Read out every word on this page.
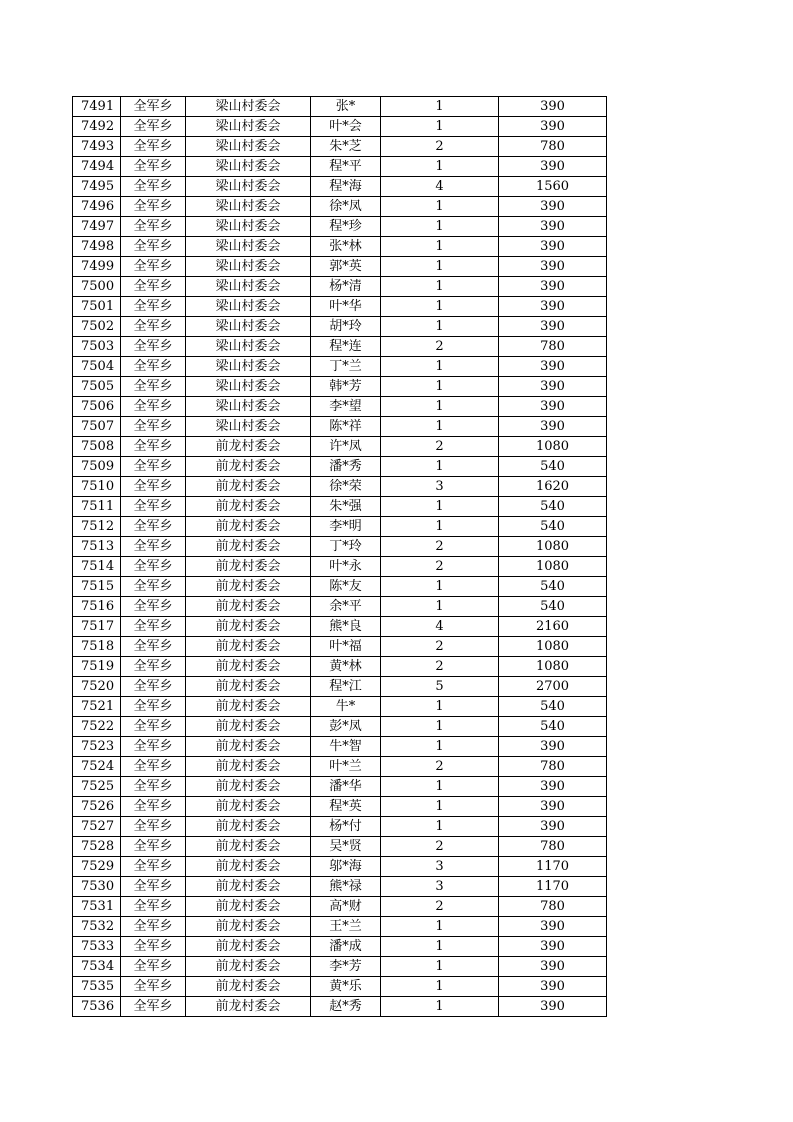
7491	全军乡	梁山村委会	张*	1	390
7492	全军乡	梁山村委会	叶*会	1	390
7493	全军乡	梁山村委会	朱*芝	2	780
7494	全军乡	梁山村委会	程*平	1	390
7495	全军乡	梁山村委会	程*海	4	1560
7496	全军乡	梁山村委会	徐*凤	1	390
7497	全军乡	梁山村委会	程*珍	1	390
7498	全军乡	梁山村委会	张*林	1	390
7499	全军乡	梁山村委会	郭*英	1	390
7500	全军乡	梁山村委会	杨*清	1	390
7501	全军乡	梁山村委会	叶*华	1	390
7502	全军乡	梁山村委会	胡*玲	1	390
7503	全军乡	梁山村委会	程*连	2	780
7504	全军乡	梁山村委会	丁*兰	1	390
7505	全军乡	梁山村委会	韩*芳	1	390
7506	全军乡	梁山村委会	李*望	1	390
7507	全军乡	梁山村委会	陈*祥	1	390
7508	全军乡	前龙村委会	许*凤	2	1080
7509	全军乡	前龙村委会	潘*秀	1	540
7510	全军乡	前龙村委会	徐*荣	3	1620
7511	全军乡	前龙村委会	朱*强	1	540
7512	全军乡	前龙村委会	李*明	1	540
7513	全军乡	前龙村委会	丁*玲	2	1080
7514	全军乡	前龙村委会	叶*永	2	1080
7515	全军乡	前龙村委会	陈*友	1	540
7516	全军乡	前龙村委会	余*平	1	540
7517	全军乡	前龙村委会	熊*良	4	2160
7518	全军乡	前龙村委会	叶*福	2	1080
7519	全军乡	前龙村委会	黄*林	2	1080
7520	全军乡	前龙村委会	程*江	5	2700
7521	全军乡	前龙村委会	牛*	1	540
7522	全军乡	前龙村委会	彭*凤	1	540
7523	全军乡	前龙村委会	牛*智	1	390
7524	全军乡	前龙村委会	叶*兰	2	780
7525	全军乡	前龙村委会	潘*华	1	390
7526	全军乡	前龙村委会	程*英	1	390
7527	全军乡	前龙村委会	杨*付	1	390
7528	全军乡	前龙村委会	吴*贤	2	780
7529	全军乡	前龙村委会	邬*海	3	1170
7530	全军乡	前龙村委会	熊*禄	3	1170
7531	全军乡	前龙村委会	高*财	2	780
7532	全军乡	前龙村委会	王*兰	1	390
7533	全军乡	前龙村委会	潘*成	1	390
7534	全军乡	前龙村委会	李*芳	1	390
7535	全军乡	前龙村委会	黄*乐	1	390
7536	全军乡	前龙村委会	赵*秀	1	390
